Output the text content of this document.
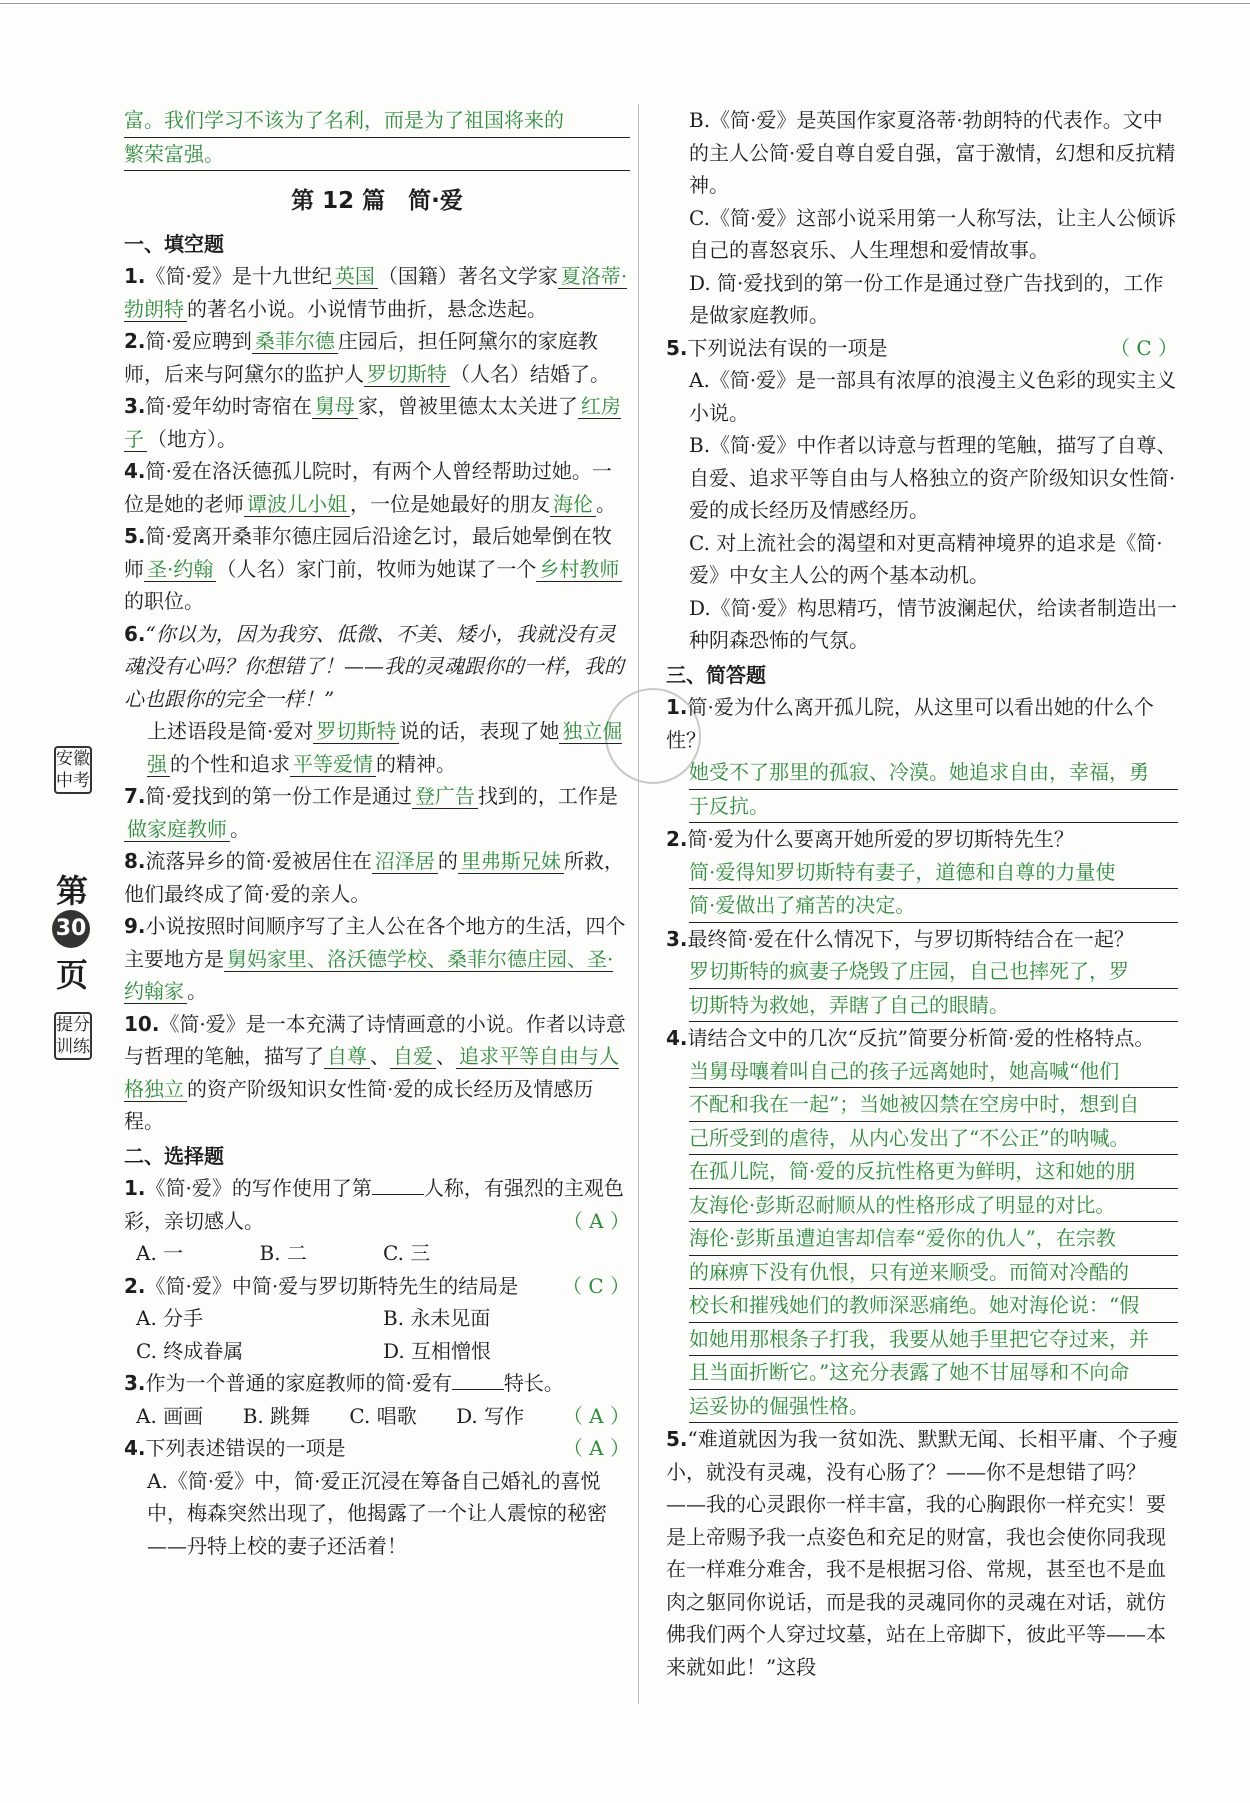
安徽中考
第
30
页
提分训练
富。我们学习不该为了名利，而是为了祖国将来的
繁荣富强。
第 12 篇　简·爱
一、填空题

1.《简·爱》是十九世纪 英国 （国籍）著名文学家 夏洛蒂·勃朗特 的著名小说。小说情节曲折，悬念迭起。

2.简·爱应聘到 桑菲尔德 庄园后，担任阿黛尔的家庭教师，后来与阿黛尔的监护人 罗切斯特 （人名）结婚了。

3.简·爱年幼时寄宿在 舅母 家，曾被里德太太关进了 红房子 （地方）。

4.简·爱在洛沃德孤儿院时，有两个人曾经帮助过她。一位是她的老师 谭波儿小姐 ，一位是她最好的朋友 海伦 。

5.简·爱离开桑菲尔德庄园后沿途乞讨，最后她晕倒在牧师 圣·约翰 （人名）家门前，牧师为她谋了一个 乡村教师的职位。

6.“你以为，因为我穷、低微、不美、矮小，我就没有灵魂没有心吗？你想错了！——我的灵魂跟你的一样，我的心也跟你的完全一样！”

上述语段是简·爱对 罗切斯特 说的话，表现了她 独立倔强 的个性和追求 平等爱情 的精神。

7.简·爱找到的第一份工作是通过 登广告 找到的，工作是做家庭教师 。

8.流落异乡的简·爱被居住在 沼泽居 的 里弗斯兄妹 所救，他们最终成了简·爱的亲人。

9.小说按照时间顺序写了主人公在各个地方的生活，四个主要地方是 舅妈家里、洛沃德学校、桑菲尔德庄园、圣·约翰家 。

10.《简·爱》是一本充满了诗情画意的小说。作者以诗意与哲理的笔触，描写了 自尊 、 自爱 、 追求平等自由与人格独立 的资产阶级知识女性简·爱的成长经历及情感历程。

二、选择题

1.《简·爱》的写作使用了第	人称，有强烈的主观色彩，亲切感人。	（ A ）

A. 一	B. 二	C. 三

2.《简·爱》中简·爱与罗切斯特先生的结局是 （ C ）

A. 分手	B. 永未见面
C. 终成眷属	D. 互相憎恨

3.作为一个普通的家庭教师的简·爱有	特长。
（ A ）

A. 画画	B. 跳舞	C. 唱歌	D. 写作

4.下列表述错误的一项是	（ A ）

A.《简·爱》中，简·爱正沉浸在筹备自己婚礼的喜悦中，梅森突然出现了，他揭露了一个让人震惊的秘密——丹特上校的妻子还活着！

B.《简·爱》是英国作家夏洛蒂·勃朗特的代表作。文中的主人公简·爱自尊自爱自强，富于激情，幻想和反抗精神。

C.《简·爱》这部小说采用第一人称写法，让主人公倾诉自己的喜怒哀乐、人生理想和爱情故事。

D. 简·爱找到的第一份工作是通过登广告找到的，工作是做家庭教师。

5.下列说法有误的一项是	（ C ）

A.《简·爱》是一部具有浓厚的浪漫主义色彩的现实主义小说。

B.《简·爱》中作者以诗意与哲理的笔触，描写了自尊、自爱、追求平等自由与人格独立的资产阶级知识女性简·爱的成长经历及情感经历。

C. 对上流社会的渴望和对更高精神境界的追求是《简·爱》中女主人公的两个基本动机。

D.《简·爱》构思精巧，情节波澜起伏，给读者制造出一种阴森恐怖的气氛。

三、简答题

1.简·爱为什么离开孤儿院，从这里可以看出她的什么个性？

她受不了那里的孤寂、冷漠。她追求自由，幸福，勇
于反抗。

2.简·爱为什么要离开她所爱的罗切斯特先生？

简·爱得知罗切斯特有妻子，道德和自尊的力量使
简·爱做出了痛苦的决定。

3.最终简·爱在什么情况下，与罗切斯特结合在一起？

罗切斯特的疯妻子烧毁了庄园，自己也摔死了，罗
切斯特为救她，弄瞎了自己的眼睛。

4.请结合文中的几次“反抗”简要分析简·爱的性格特点。

当舅母嚷着叫自己的孩子远离她时，她高喊“他们
不配和我在一起”；当她被囚禁在空房中时，想到自
己所受到的虐待，从内心发出了“不公正”的呐喊。
在孤儿院，简·爱的反抗性格更为鲜明，这和她的朋
友海伦·彭斯忍耐顺从的性格形成了明显的对比。
海伦·彭斯虽遭迫害却信奉“爱你的仇人”，在宗教
的麻痹下没有仇恨，只有逆来顺受。而简对冷酷的
校长和摧残她们的教师深恶痛绝。她对海伦说：“假
如她用那根条子打我，我要从她手里把它夺过来，并
且当面折断它。”这充分表露了她不甘屈辱和不向命
运妥协的倔强性格。

5.“难道就因为我一贫如洗、默默无闻、长相平庸、个子瘦小，就没有灵魂，没有心肠了？——你不是想错了吗？——我的心灵跟你一样丰富，我的心胸跟你一样充实！要是上帝赐予我一点姿色和充足的财富，我也会使你同我现在一样难分难舍，我不是根据习俗、常规，甚至也不是血肉之躯同你说话，而是我的灵魂同你的灵魂在对话，就仿佛我们两个人穿过坟墓，站在上帝脚下，彼此平等——本来就如此！”这段
